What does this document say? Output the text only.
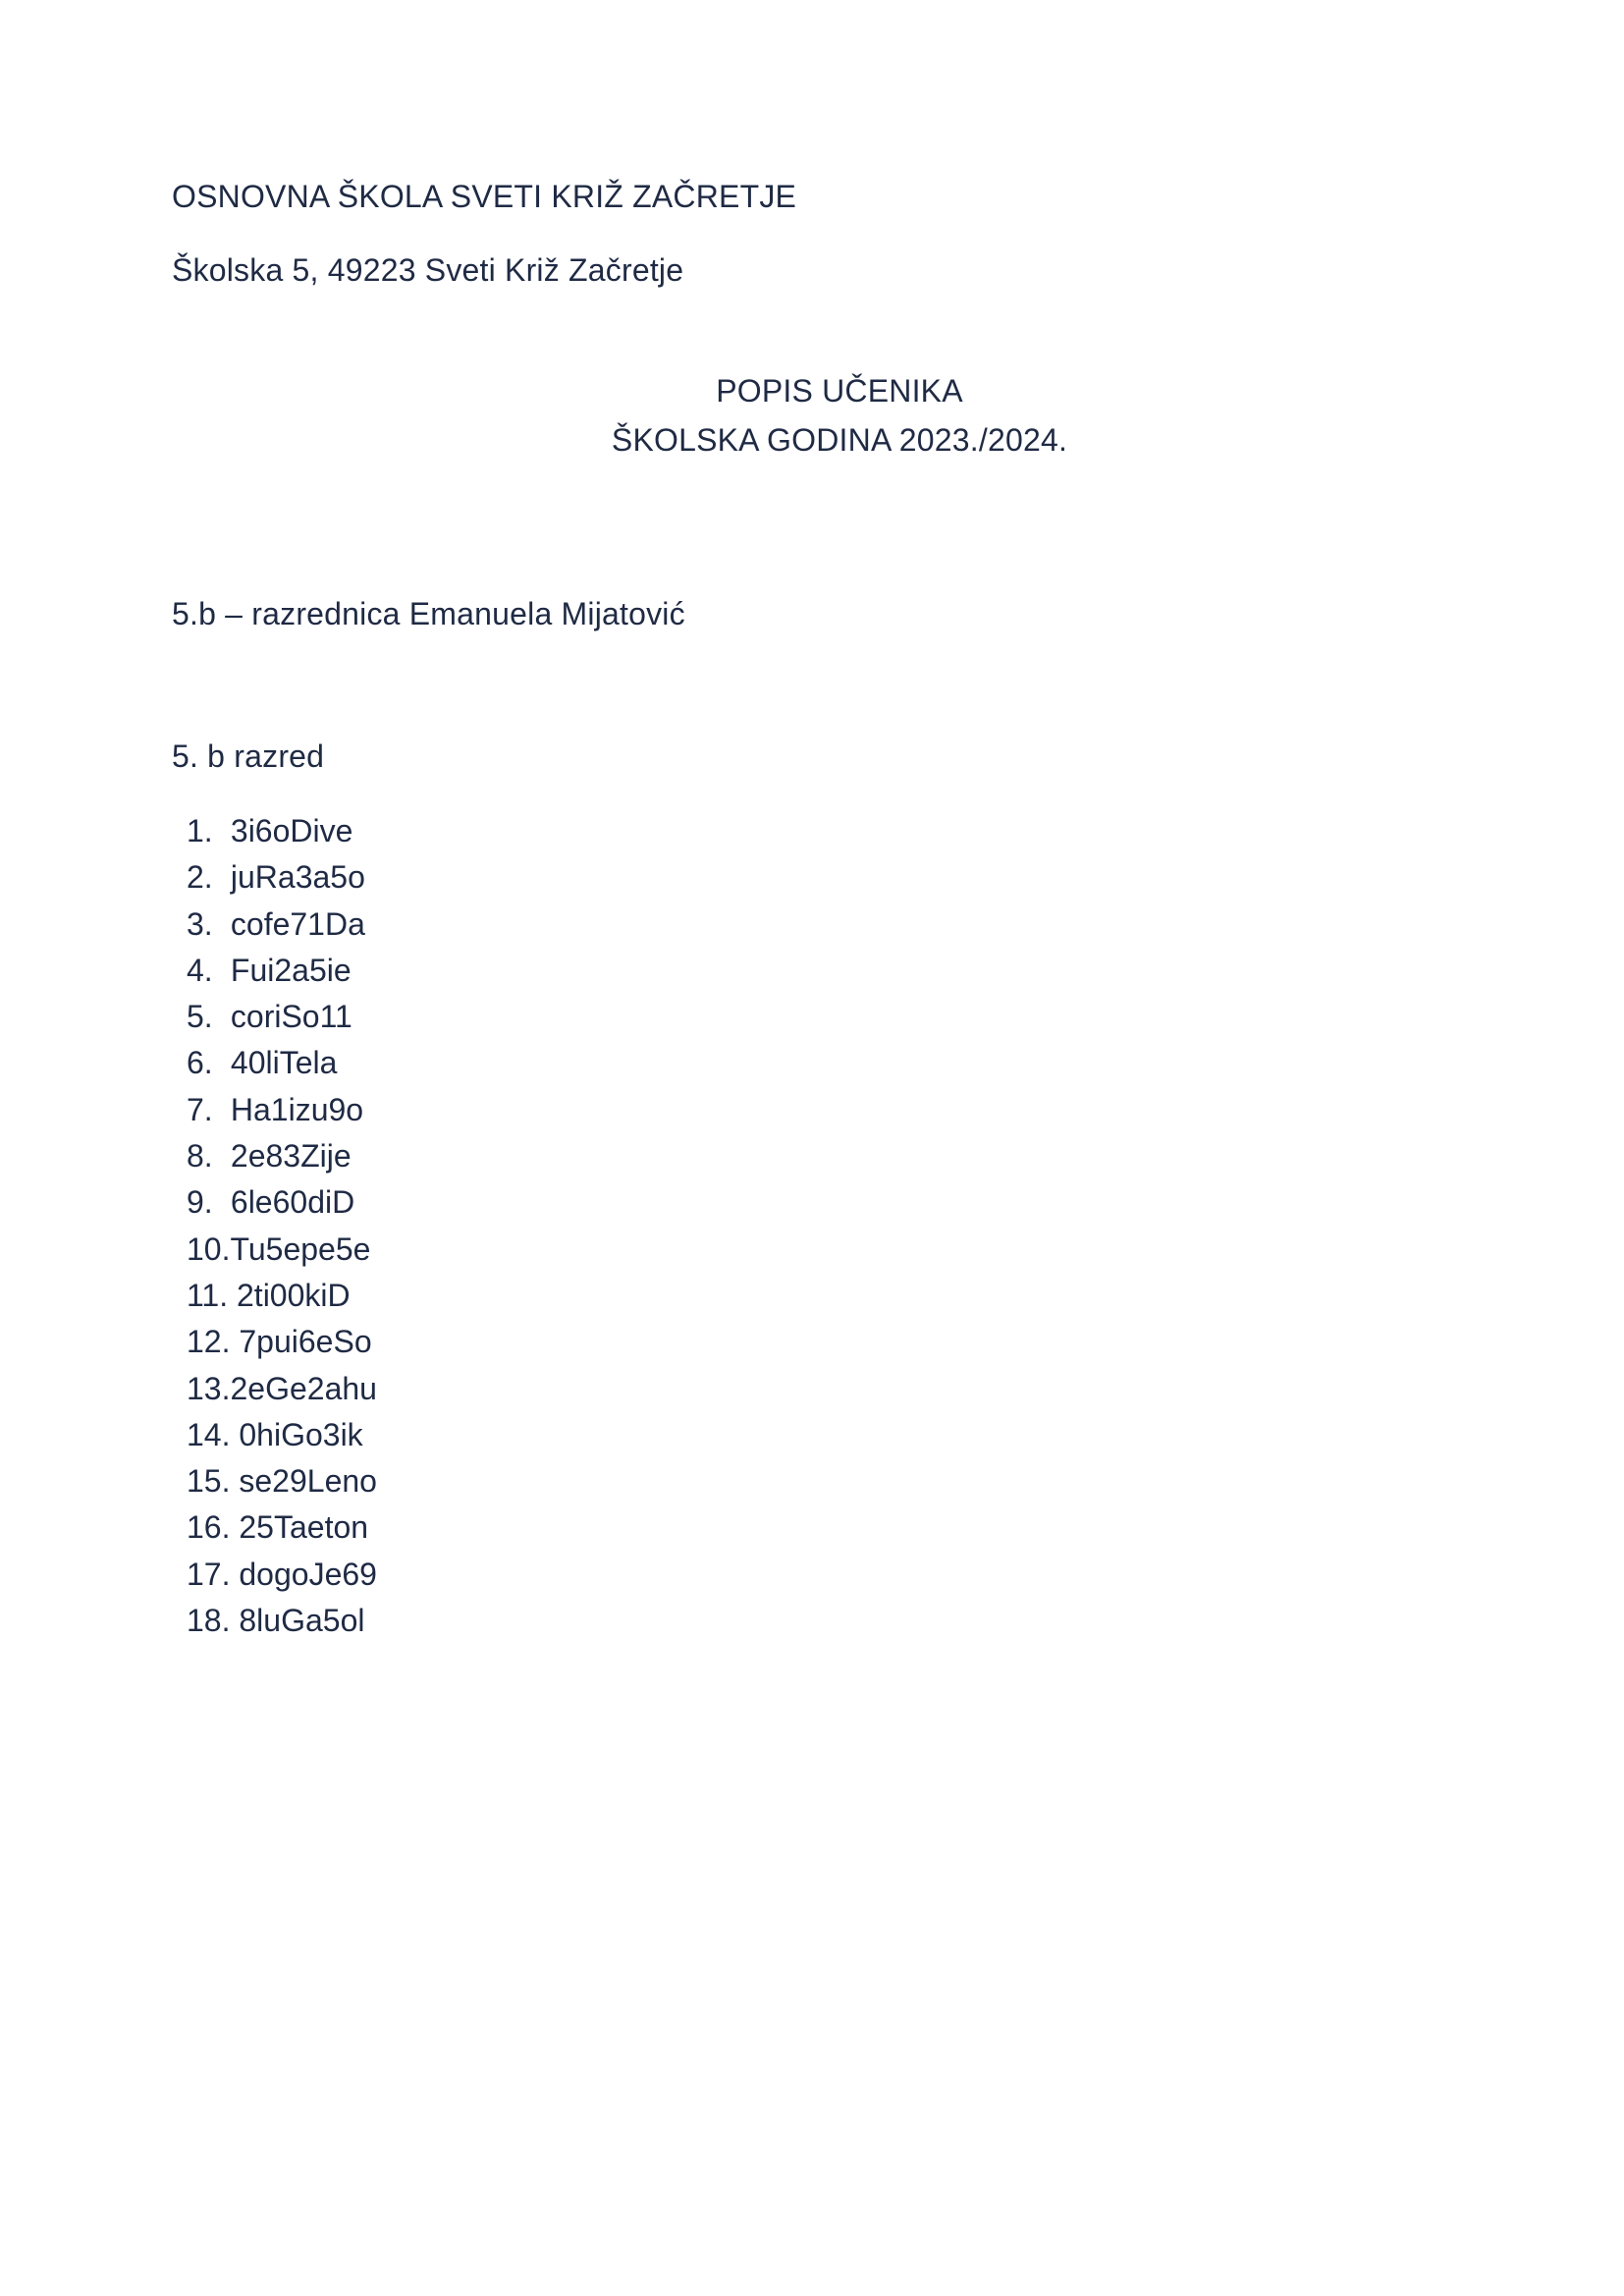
OSNOVNA ŠKOLA SVETI KRIŽ ZAČRETJE
Školska 5, 49223 Sveti Križ Začretje
POPIS UČENIKA
ŠKOLSKA GODINA 2023./2024.
5.b – razrednica Emanuela Mijatović
5. b razred
1. 3i6oDive
2. juRa3a5o
3. cofe71Da
4. Fui2a5ie
5. coriSo11
6. 40liTela
7. Ha1izu9o
8. 2e83Zije
9. 6le60diD
10.Tu5epe5e
11. 2ti00kiD
12. 7pui6eSo
13.2eGe2ahu
14. 0hiGo3ik
15. se29Leno
16. 25Taeton
17. dogoJe69
18. 8luGa5ol
